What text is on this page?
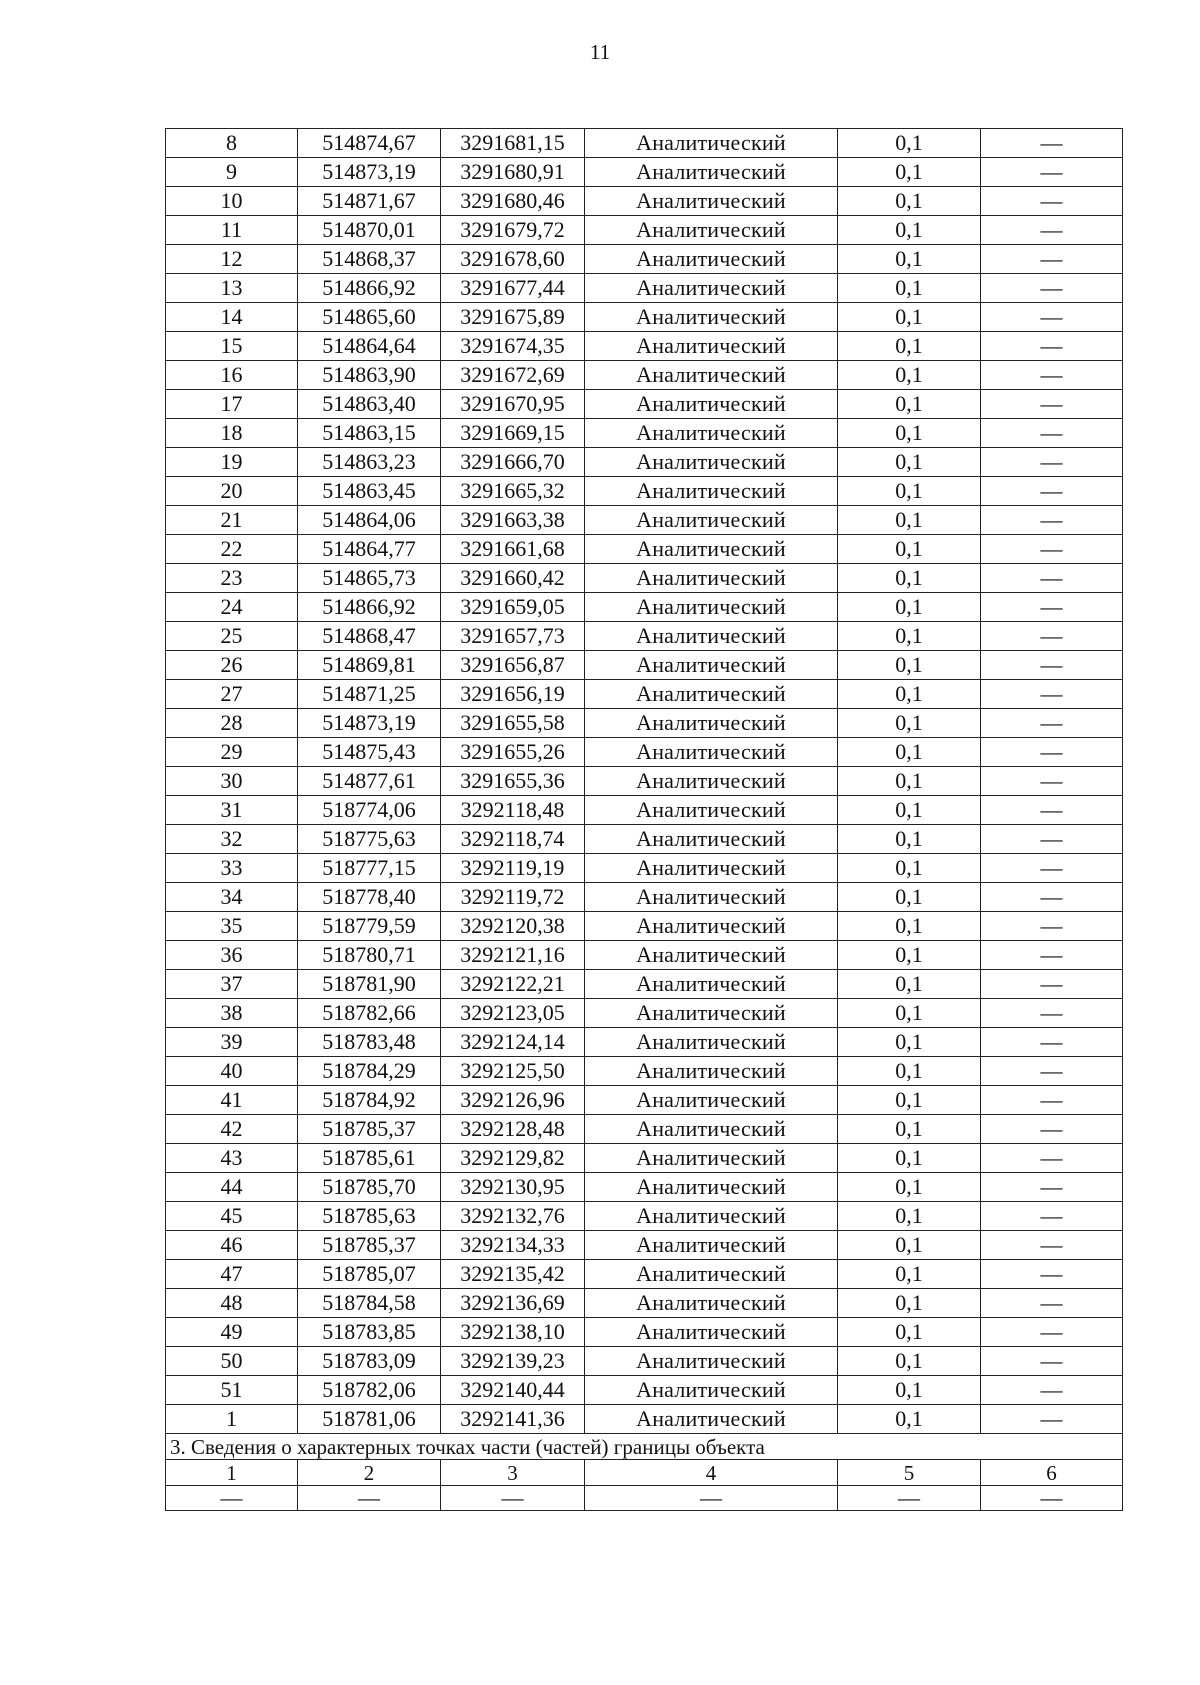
11
8	514874,67	3291681,15	Аналитический	0,1	—
9	514873,19	3291680,91	Аналитический	0,1	—
10	514871,67	3291680,46	Аналитический	0,1	—
11	514870,01	3291679,72	Аналитический	0,1	—
12	514868,37	3291678,60	Аналитический	0,1	—
13	514866,92	3291677,44	Аналитический	0,1	—
14	514865,60	3291675,89	Аналитический	0,1	—
15	514864,64	3291674,35	Аналитический	0,1	—
16	514863,90	3291672,69	Аналитический	0,1	—
17	514863,40	3291670,95	Аналитический	0,1	—
18	514863,15	3291669,15	Аналитический	0,1	—
19	514863,23	3291666,70	Аналитический	0,1	—
20	514863,45	3291665,32	Аналитический	0,1	—
21	514864,06	3291663,38	Аналитический	0,1	—
22	514864,77	3291661,68	Аналитический	0,1	—
23	514865,73	3291660,42	Аналитический	0,1	—
24	514866,92	3291659,05	Аналитический	0,1	—
25	514868,47	3291657,73	Аналитический	0,1	—
26	514869,81	3291656,87	Аналитический	0,1	—
27	514871,25	3291656,19	Аналитический	0,1	—
28	514873,19	3291655,58	Аналитический	0,1	—
29	514875,43	3291655,26	Аналитический	0,1	—
30	514877,61	3291655,36	Аналитический	0,1	—
31	518774,06	3292118,48	Аналитический	0,1	—
32	518775,63	3292118,74	Аналитический	0,1	—
33	518777,15	3292119,19	Аналитический	0,1	—
34	518778,40	3292119,72	Аналитический	0,1	—
35	518779,59	3292120,38	Аналитический	0,1	—
36	518780,71	3292121,16	Аналитический	0,1	—
37	518781,90	3292122,21	Аналитический	0,1	—
38	518782,66	3292123,05	Аналитический	0,1	—
39	518783,48	3292124,14	Аналитический	0,1	—
40	518784,29	3292125,50	Аналитический	0,1	—
41	518784,92	3292126,96	Аналитический	0,1	—
42	518785,37	3292128,48	Аналитический	0,1	—
43	518785,61	3292129,82	Аналитический	0,1	—
44	518785,70	3292130,95	Аналитический	0,1	—
45	518785,63	3292132,76	Аналитический	0,1	—
46	518785,37	3292134,33	Аналитический	0,1	—
47	518785,07	3292135,42	Аналитический	0,1	—
48	518784,58	3292136,69	Аналитический	0,1	—
49	518783,85	3292138,10	Аналитический	0,1	—
50	518783,09	3292139,23	Аналитический	0,1	—
51	518782,06	3292140,44	Аналитический	0,1	—
1	518781,06	3292141,36	Аналитический	0,1	—
3. Сведения о характерных точках части (частей) границы объекта					
1	2	3	4	5	6
—	—	—	—	—	—
